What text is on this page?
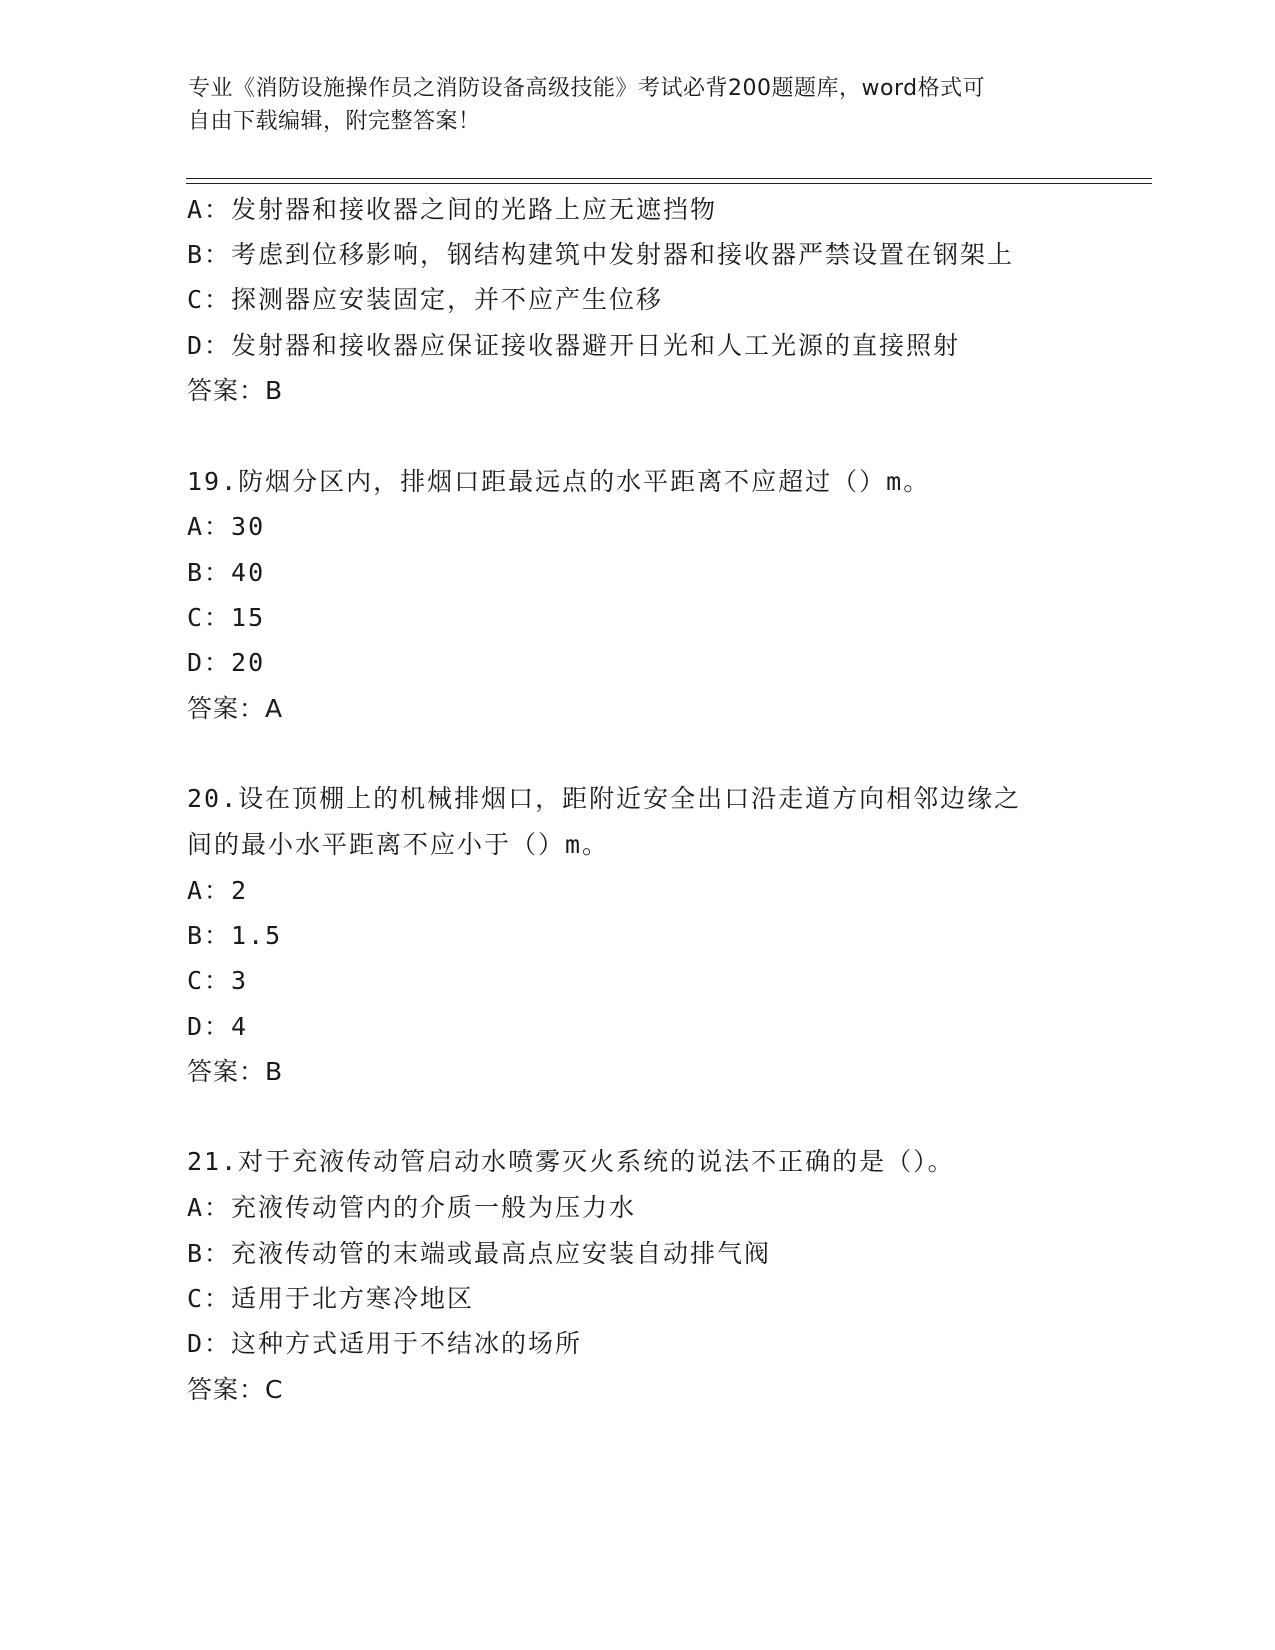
专业《消防设施操作员之消防设备高级技能》考试必背200题题库，word格式可
自由下载编辑，附完整答案！
A：发射器和接收器之间的光路上应无遮挡物
B：考虑到位移影响，钢结构建筑中发射器和接收器严禁设置在钢架上
C：探测器应安装固定，并不应产生位移
D：发射器和接收器应保证接收器避开日光和人工光源的直接照射
答案：B
19.防烟分区内，排烟口距最远点的水平距离不应超过（）m。
A：30
B：40
C：15
D：20
答案：A
20.设在顶棚上的机械排烟口，距附近安全出口沿走道方向相邻边缘之
间的最小水平距离不应小于（）m。
A：2
B：1.5
C：3
D：4
答案：B
21.对于充液传动管启动水喷雾灭火系统的说法不正确的是（）。
A：充液传动管内的介质一般为压力水
B：充液传动管的末端或最高点应安装自动排气阀
C：适用于北方寒冷地区
D：这种方式适用于不结冰的场所
答案：C
